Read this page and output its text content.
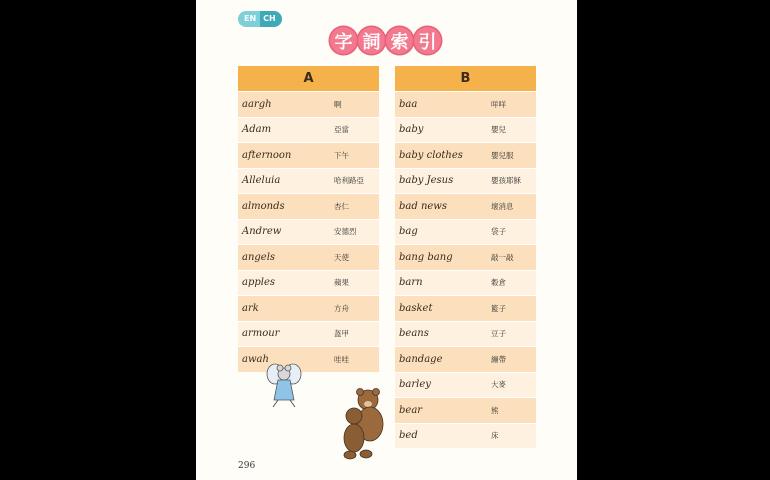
EN CH
字 詞 索 引
A
aargh	啊
Adam	亞當
afternoon	下午
Alleluia	哈利路亞
almonds	杏仁
Andrew	安德烈
angels	天使
apples	蘋果
ark	方舟
armour	盔甲
awah	哇哇
B
baa	咩咩
baby	嬰兒
baby clothes	嬰兒服
baby Jesus	嬰孩耶穌
bad news	壞消息
bag	袋子
bang bang	敲一敲
barn	穀倉
basket	籃子
beans	豆子
bandage	繃帶
barley	大麥
bear	熊
bed	床
296
